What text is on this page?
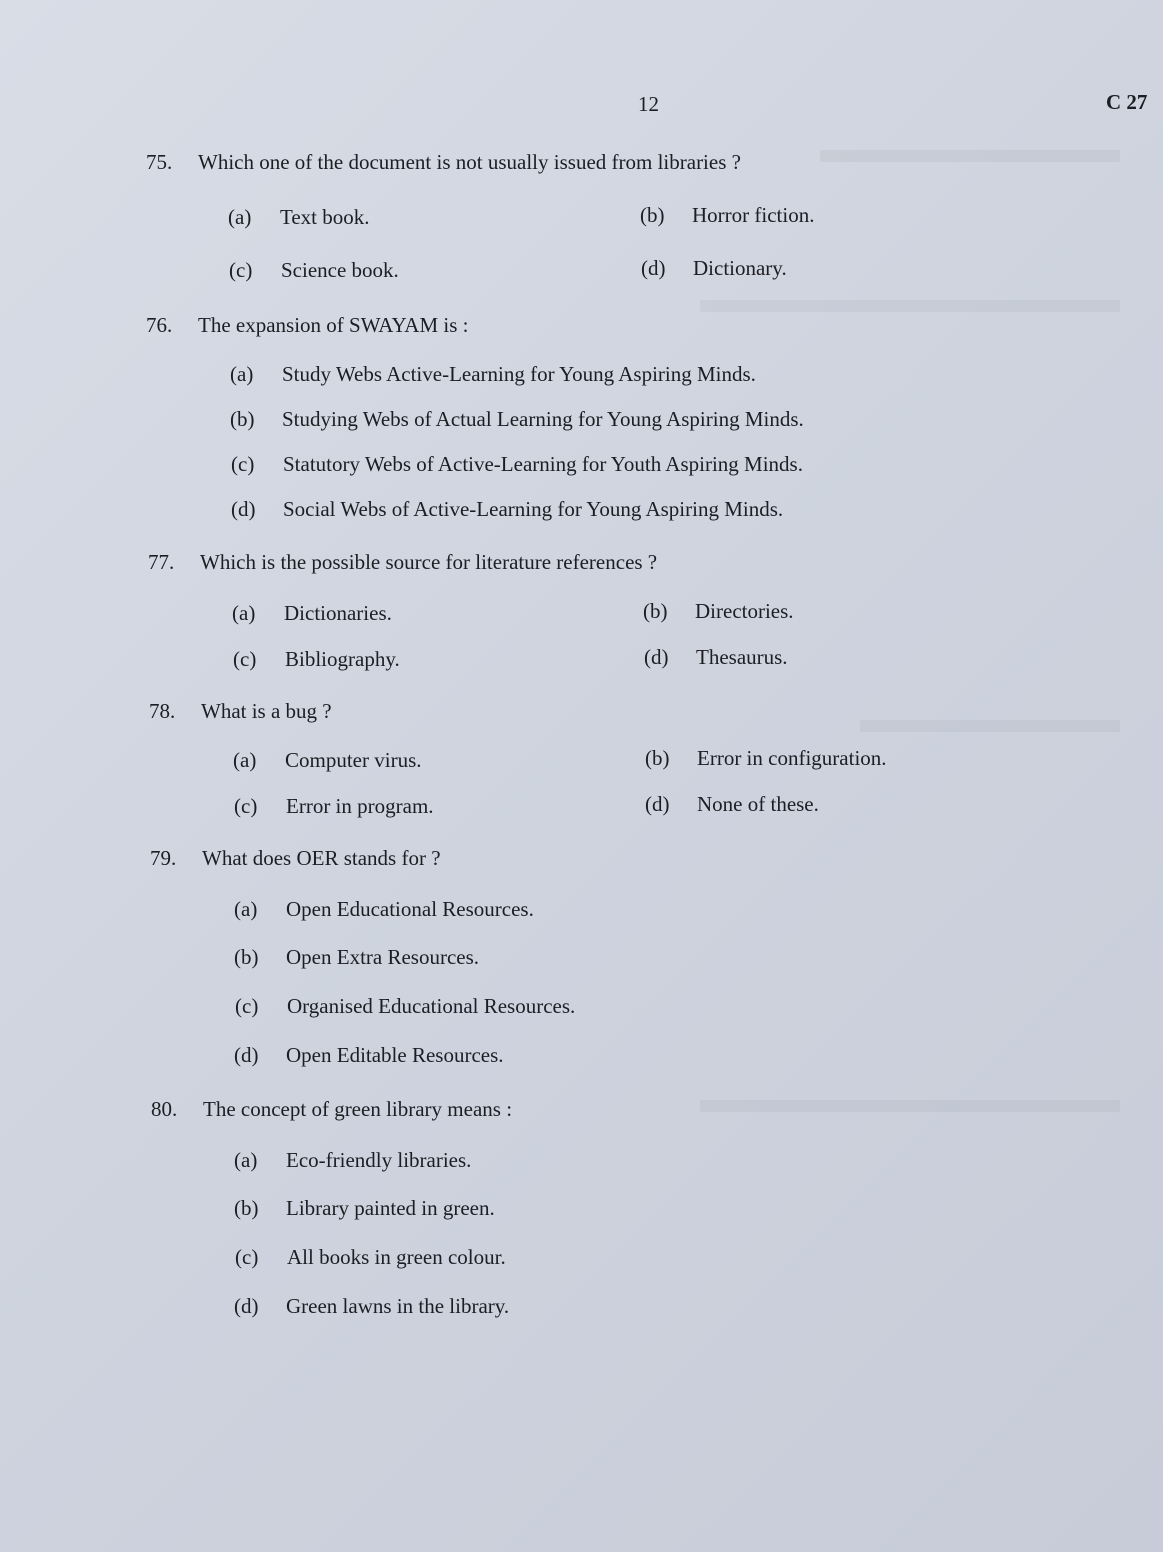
12	C 27
75. Which one of the document is not usually issued from libraries ?
(a) Text book.	(b) Horror fiction.
(c) Science book.	(d) Dictionary.
76. The expansion of SWAYAM is :
(a) Study Webs Active-Learning for Young Aspiring Minds.
(b) Studying Webs of Actual Learning for Young Aspiring Minds.
(c) Statutory Webs of Active-Learning for Youth Aspiring Minds.
(d) Social Webs of Active-Learning for Young Aspiring Minds.
77. Which is the possible source for literature references ?
(a) Dictionaries.	(b) Directories.
(c) Bibliography.	(d) Thesaurus.
78. What is a bug ?
(a) Computer virus.	(b) Error in configuration.
(c) Error in program.	(d) None of these.
79. What does OER stands for ?
(a) Open Educational Resources.
(b) Open Extra Resources.
(c) Organised Educational Resources.
(d) Open Editable Resources.
80. The concept of green library means :
(a) Eco-friendly libraries.
(b) Library painted in green.
(c) All books in green colour.
(d) Green lawns in the library.
